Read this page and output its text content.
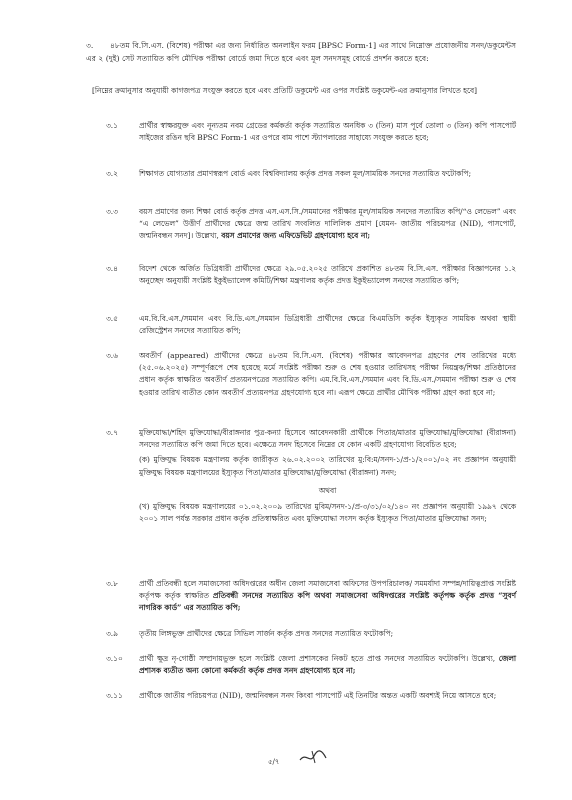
৩.	৪৮তম বি.সি.এস. (বিশেষ) পরীক্ষা এর জন্য নির্ধারিত অনলাইন ফরম [BPSC Form-1] এর সাথে নিম্নোক্ত প্রযোজনীয় সনদ/ডকুমেন্টস এর ২ (দুই) সেট সত্যায়িত কপি মৌখিক পরীক্ষা বোর্ডে জমা দিতে হবে এবং মূল সনদসমূহ বোর্ডে প্রদর্শন করতে হবে:
[নিম্নের ক্রমানুসার অনুযায়ী কাগজপত্র সংযুক্ত করতে হবে এবং প্রতিটি ডকুমেন্ট এর ওপর সংশ্লিষ্ট ডকুমেন্ট-এর ক্রমানুসার লিখতে হবে]
৩.১	প্রার্থীর স্বাক্ষরযুক্ত এবং নূন্যতম নবম গ্রেডের কর্মকর্তা কর্তৃক সত্যায়িত অনধিক ৩ (তিন) মাস পূর্বে তোলা ৩ (তিন) কপি পাসপোর্ট সাইজের রঙিন ছবি BPSC Form-1 এর ওপরে বাম পাশে স্ট্যাপলারের সাহায্যে সংযুক্ত করতে হবে;
৩.২	শিক্ষাগত যোগ্যতার প্রমাণস্বরূপ বোর্ড এবং বিশ্ববিদ্যালয় কর্তৃক প্রদত্ত সকল মূল/সাময়িক সনদের সত্যায়িত ফটোকপি;
৩.৩	বয়স প্রমাণের জন্য শিক্ষা বোর্ড কর্তৃক প্রদত্ত এস.এস.সি./সমমানের পরীক্ষার মূল/সাময়িক সনদের সত্যায়িত কপি/“ও লেভেল” এবং “এ লেভেল” উত্তীর্ণ প্রার্থীদের ক্ষেত্রে জন্ম তারিখ সংবলিত দালিলিক প্রমাণ [যেমন- জাতীয় পরিচয়পত্র (NID), পাসপোর্ট, জন্মনিবন্ধন সনদ]। উল্লেখ্য, বয়স প্রমাণের জন্য এফিডেভিট গ্রহণযোগ্য হবে না;
৩.৪	বিদেশ থেকে অর্জিত ডিগ্রিধারী প্রার্থীদের ক্ষেত্রে ২৯.০৫.২০২৫ তারিখে প্রকাশিত ৪৮তম বি.সি.এস. পরীক্ষার বিজ্ঞাপনের ১.২ অনুচ্ছেদ অনুযায়ী সংশ্লিষ্ট ইকুইভ্যালেন্স কমিটি/শিক্ষা মন্ত্রণালয় কর্তৃক প্রদত্ত ইকুইভ্যালেন্স সনদের সত্যায়িত কপি;
৩.৫	এম.বি.বি.এস./সমমান এবং বি.ডি.এস./সমমান ডিগ্রিধারী প্রার্থীদের ক্ষেত্রে বিএমডিসি কর্তৃক ইস্যুকৃত সাময়িক অথবা স্থায়ী রেজিস্ট্রেশন সনদের সত্যায়িত কপি;
৩.৬	অবতীর্ণ (appeared) প্রার্থীদের ক্ষেত্রে ৪৮তম বি.সি.এস. (বিশেষ) পরীক্ষার আবেদনপত্র গ্রহণের শেষ তারিখের মধ্যে (২৫.০৬.২০২৫) সম্পূর্ণরূপে শেষ হয়েছে মর্মে সংশ্লিষ্ট পরীক্ষা শুরু ও শেষ হওয়ার তারিখসহ পরীক্ষা নিয়ন্ত্রক/শিক্ষা প্রতিষ্ঠানের প্রধান কর্তৃক স্বাক্ষরিত অবতীর্ণ প্রত্যয়নপত্রের সত্যায়িত কপি। এম.বি.বি.এস./সমমান এবং বি.ডি.এস./সমমান পরীক্ষা শুরু ও শেষ হওয়ার তারিখ ব্যতীত কোন অবতীর্ণ প্রত্যয়নপত্র গ্রহণযোগ্য হবে না। এরূপ ক্ষেত্রে প্রার্থীর মৌখিক পরীক্ষা গ্রহণ করা হবে না;
৩.৭	মুক্তিযোদ্ধা/শহিদ মুক্তিযোদ্ধা/বীরাঙ্গনার পুত্র-কন্যা হিসেবে আবেদনকারী প্রার্থীকে পিতার/মাতার মুক্তিযোদ্ধা/মুক্তিযোদ্ধা (বীরাঙ্গনা) সনদের সত্যায়িত কপি জমা দিতে হবে। এক্ষেত্রে সনদ হিসেবে নিম্নের যে কোন একটি গ্রহণযোগ্য বিবেচিত হবে;
(ক) মুক্তিযুদ্ধ বিষয়ক মন্ত্রণালয় কর্তৃক জারীকৃত ২৬.০২.২০০২ তারিখের মু:বি:ম/সনদ-১/প্র-১/২০০১/০২ নং প্রজ্ঞাপন অনুযায়ী মুক্তিযুদ্ধ বিষয়ক মন্ত্রণালয়ের ইস্যুকৃত পিতা/মাতার মুক্তিযোদ্ধা/মুক্তিযোদ্ধা (বীরাঙ্গনা) সনদ;
অথবা
(খ) মুক্তিযুদ্ধ বিষয়ক মন্ত্রণালয়ের ০১.০২.২০০৯ তারিখের মুবিম/সনদ-১/প্র-৩/৩১/০২/১৪০ নং প্রজ্ঞাপন অনুযায়ী ১৯৯৭ থেকে ২০০১ সাল পর্যন্ত সরকার প্রধান কর্তৃক প্রতিস্বাক্ষরিত এবং মুক্তিযোদ্ধা সংসদ কর্তৃক ইস্যুকৃত পিতা/মাতার মুক্তিযোদ্ধা সনদ;
৩.৮	প্রার্থী প্রতিবন্ধী হলে সমাজসেবা অধিদপ্তরের অধীন জেলা সমাজসেবা অফিসের উপপরিচালক/ সমমর্যাদা সম্পন্ন/দায়িত্বপ্রাপ্ত সংশ্লিষ্ট কর্তৃপক্ষ কর্তৃক স্বাক্ষরিত প্রতিবন্ধী সনদের সত্যায়িত কপি অথবা সমাজসেবা অধিদপ্তরের সংশ্লিষ্ট কর্তৃপক্ষ কর্তৃক প্রদত্ত “সুবর্ণ নাগরিক কার্ড” এর সত্যায়িত কপি;
৩.৯	তৃতীয় লিঙ্গভুক্ত প্রার্থীদের ক্ষেত্রে সিভিল সার্জন কর্তৃক প্রদত্ত সনদের সত্যায়িত ফটোকপি;
৩.১০	প্রার্থী ক্ষুদ্র নৃ-গোষ্ঠী সম্প্রদায়ভুক্ত হলে সংশ্লিষ্ট জেলা প্রশাসকের নিকট হতে প্রাপ্ত সনদের সত্যায়িত ফটোকপি। উল্লেখ্য, জেলা প্রশাসক ব্যতীত অন্য কোনো কর্মকর্তা কর্তৃক প্রদত্ত সনদ গ্রহণযোগ্য হবে না;
৩.১১	প্রার্থীকে জাতীয় পরিচয়পত্র (NID), জন্মনিবন্ধন সনদ কিংবা পাসপোর্ট এই তিনটির অন্তত একটি অবশ্যই নিয়ে আসতে হবে;
৫/৭
